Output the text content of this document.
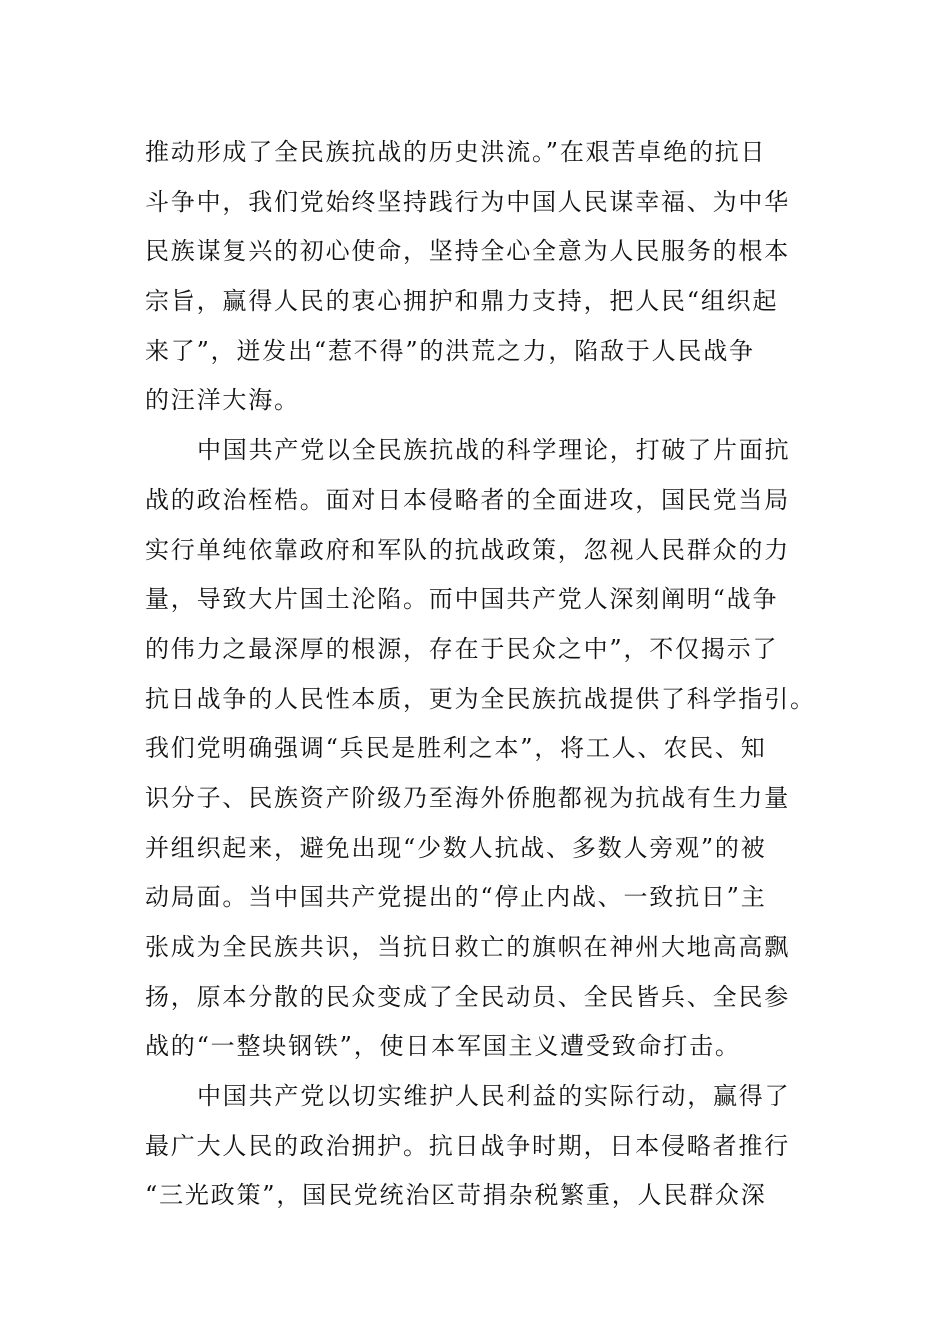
推动形成了全民族抗战的历史洪流。”在艰苦卓绝的抗日
斗争中，我们党始终坚持践行为中国人民谋幸福、为中华
民族谋复兴的初心使命，坚持全心全意为人民服务的根本
宗旨，赢得人民的衷心拥护和鼎力支持，把人民“组织起
来了”，迸发出“惹不得”的洪荒之力，陷敌于人民战争
的汪洋大海。
中国共产党以全民族抗战的科学理论，打破了片面抗
战的政治桎梏。面对日本侵略者的全面进攻，国民党当局
实行单纯依靠政府和军队的抗战政策，忽视人民群众的力
量，导致大片国土沦陷。而中国共产党人深刻阐明“战争
的伟力之最深厚的根源，存在于民众之中”，不仅揭示了
抗日战争的人民性本质，更为全民族抗战提供了科学指引。
我们党明确强调“兵民是胜利之本”，将工人、农民、知
识分子、民族资产阶级乃至海外侨胞都视为抗战有生力量
并组织起来，避免出现“少数人抗战、多数人旁观”的被
动局面。当中国共产党提出的“停止内战、一致抗日”主
张成为全民族共识，当抗日救亡的旗帜在神州大地高高飘
扬，原本分散的民众变成了全民动员、全民皆兵、全民参
战的“一整块钢铁”，使日本军国主义遭受致命打击。
中国共产党以切实维护人民利益的实际行动，赢得了
最广大人民的政治拥护。抗日战争时期，日本侵略者推行
“三光政策”，国民党统治区苛捐杂税繁重，人民群众深
